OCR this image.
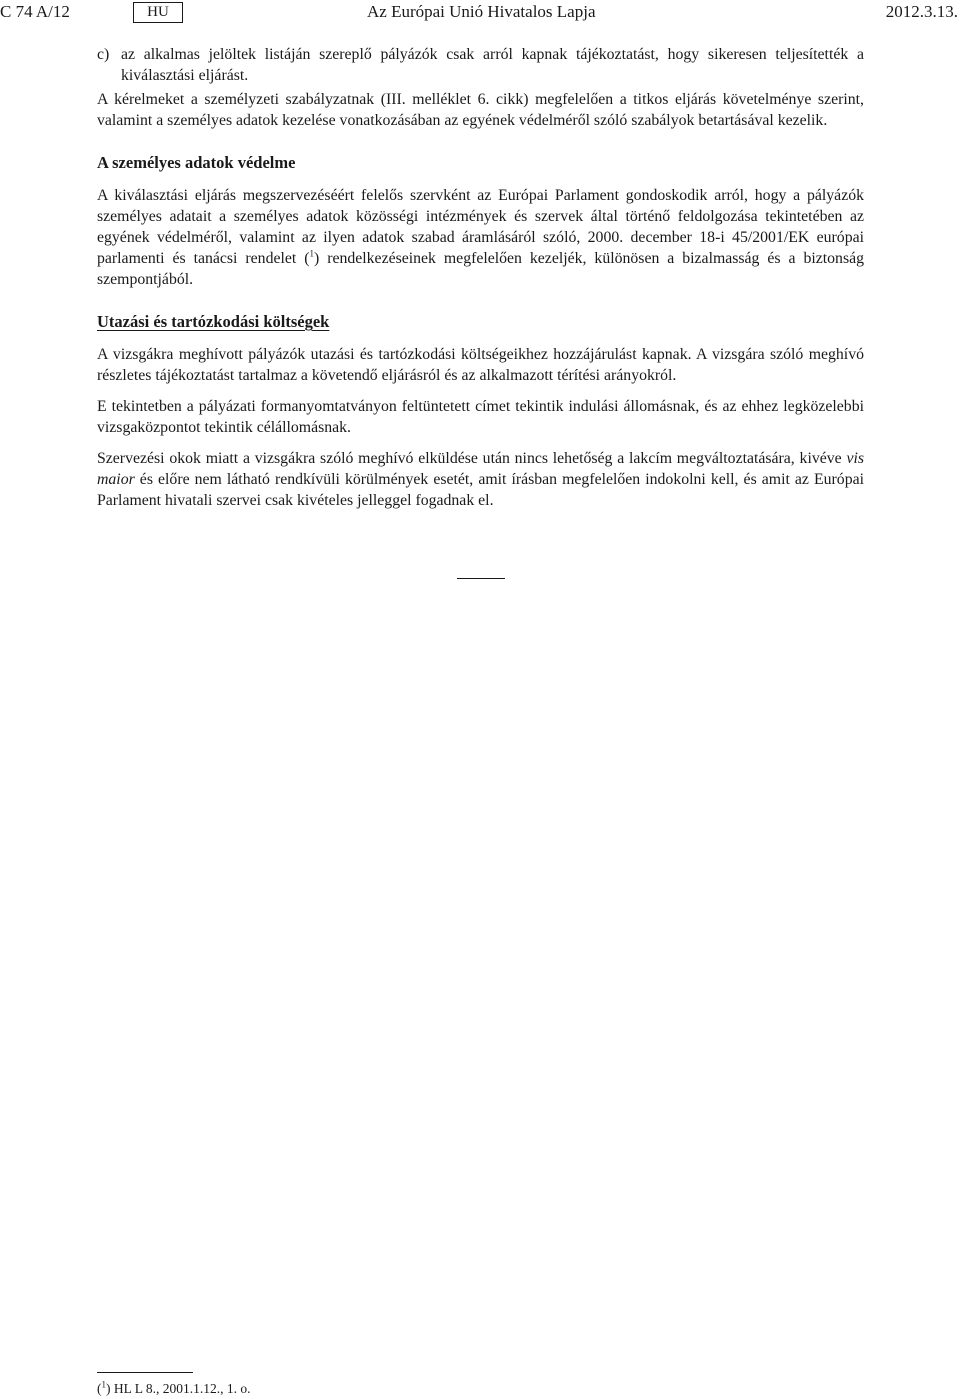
C 74 A/12	HU	Az Európai Unió Hivatalos Lapja	2012.3.13.
c) az alkalmas jelöltek listáján szereplő pályázók csak arról kapnak tájékoztatást, hogy sikeresen teljesítették a kiválasztási eljárást.

A kérelmeket a személyzeti szabályzatnak (III. melléklet 6. cikk) megfelelően a titkos eljárás követelménye szerint, valamint a személyes adatok kezelése vonatkozásában az egyének védelméről szóló szabályok betartásával kezelik.

A személyes adatok védelme

A kiválasztási eljárás megszervezéséért felelős szervként az Európai Parlament gondoskodik arról, hogy a pályázók személyes adatait a személyes adatok közösségi intézmények és szervek által történő feldolgozása tekintetében az egyének védelméről, valamint az ilyen adatok szabad áramlásáról szóló, 2000. december 18-i 45/2001/EK európai parlamenti és tanácsi rendelet ($^1$) rendelkezéseinek megfelelően kezeljék, különösen a bizalmasság és a biztonság szempontjából.

Utazási és tartózkodási költségek

A vizsgákra meghívott pályázók utazási és tartózkodási költségeikhez hozzájárulást kapnak. A vizsgára szóló meghívó részletes tájékoztatást tartalmaz a követendő eljárásról és az alkalmazott térítési arányokról.

E tekintetben a pályázati formanyomtatványon feltüntetett címet tekintik indulási állomásnak, és az ehhez legközelebbi vizsgaközpontot tekintik célállomásnak.

Szervezési okok miatt a vizsgákra szóló meghívó elküldése után nincs lehetőség a lakcím megváltoztatására, kivéve vis maior és előre nem látható rendkívüli körülmények esetét, amit írásban megfelelően indokolni kell, és amit az Európai Parlament hivatali szervei csak kivételes jelleggel fogadnak el.

($^1$) HL L 8., 2001.1.12., 1. o.
